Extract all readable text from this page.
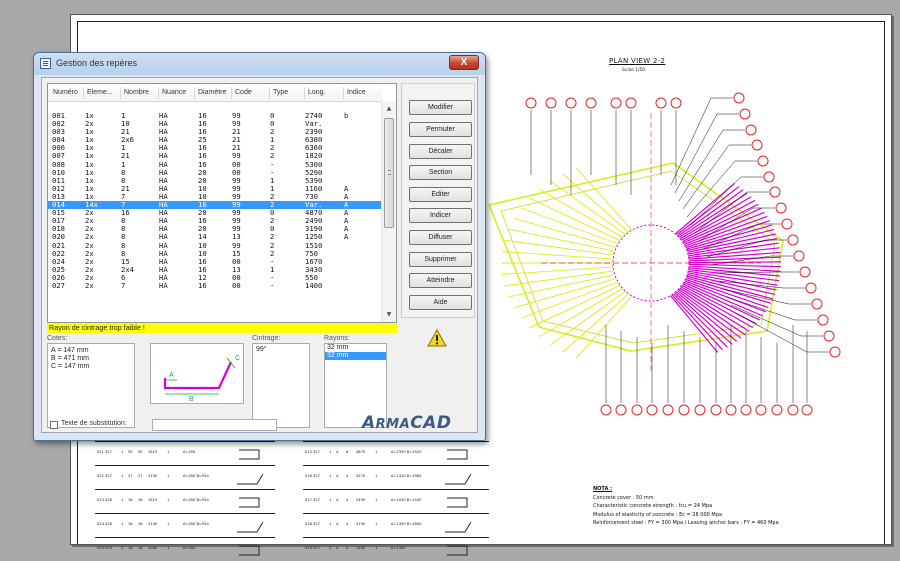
PLAN VIEW 2-2
Scale 1/50
021 027	1 55 55 1510	1	A=450
022 027	1 27 27 1130	1	A=450 B=920
023 028	1 16 16 1510	1	A=450 B=920
024 028	1 16 16 1140	1	A=450 B=920
025 029	1 16 16 1080	1	A=450
015 027	1 4 6 4870	1	A=2350 B=2520
016 027	1 4 4 3270	1	A=1310 B=1960
017 027	1 4 4 2490	1	A=1050 B=1440
018 027	1 4 4 3190	1	A=1350 B=1840
019 027	1 4 4 1250	1	A=1350
NOTA :
Concrete cover : 50 mm
Characteristic concrete strength : fcu = 24 Mpa
Modulus of elasticity of concrete : Ec = 28 000 Mpa
Reinforcement steel : FY = 300 Mpa / Leaving anchor bars : FY = 460 Mpa
Gestion des repères	X
Numéro	Eleme...	Nombre	Nuance	Diamètre	Code	Type	Long.	Indice
001	1x	1	HA	16	99	0	2740	b
002	2x	10	HA	16	99	0	Var.
003	1x	21	HA	16	21	2	2390
004	1x	2x6	HA	25	21	1	6380
006	1x	1	HA	16	21	2	6360
007	1x	21	HA	16	99	2	1820
008	1x	1	HA	16	00	-	5300
010	1x	8	HA	20	00	-	5290
011	1x	8	HA	20	99	1	5390
012	1x	21	HA	10	99	1	1160	A
013	1x	7	HA	10	99	2	730	A
014	14x	7	HA	16	99	2	Var.	A
015	2x	16	HA	20	99	0	4870	A
017	2x	8	HA	16	99	2	2490	A
018	2x	8	HA	20	99	0	3190	A
020	2x	8	HA	14	13	2	1250	A
021	2x	8	HA	10	99	2	1510
022	2x	8	HA	10	15	2	750
024	2x	15	HA	16	00	-	1670
025	2x	2x4	HA	16	13	1	3430
026	2x	6	HA	12	00	-	550
027	2x	7	HA	16	00	-	1400
▲
▼
Modifier
Permuter
Décaler
Section
Editer
Indicer
Diffuser
Supprimer
Atteindre
Aide
Rayon de cintrage trop faible !
Cotes:
A = 147 mm
B = 471 mm
C = 147 mm
A
B
C
Cintrage:
99°
Rayons:
32 mm
32 mm
Texte de substitution:	ARMACAD
